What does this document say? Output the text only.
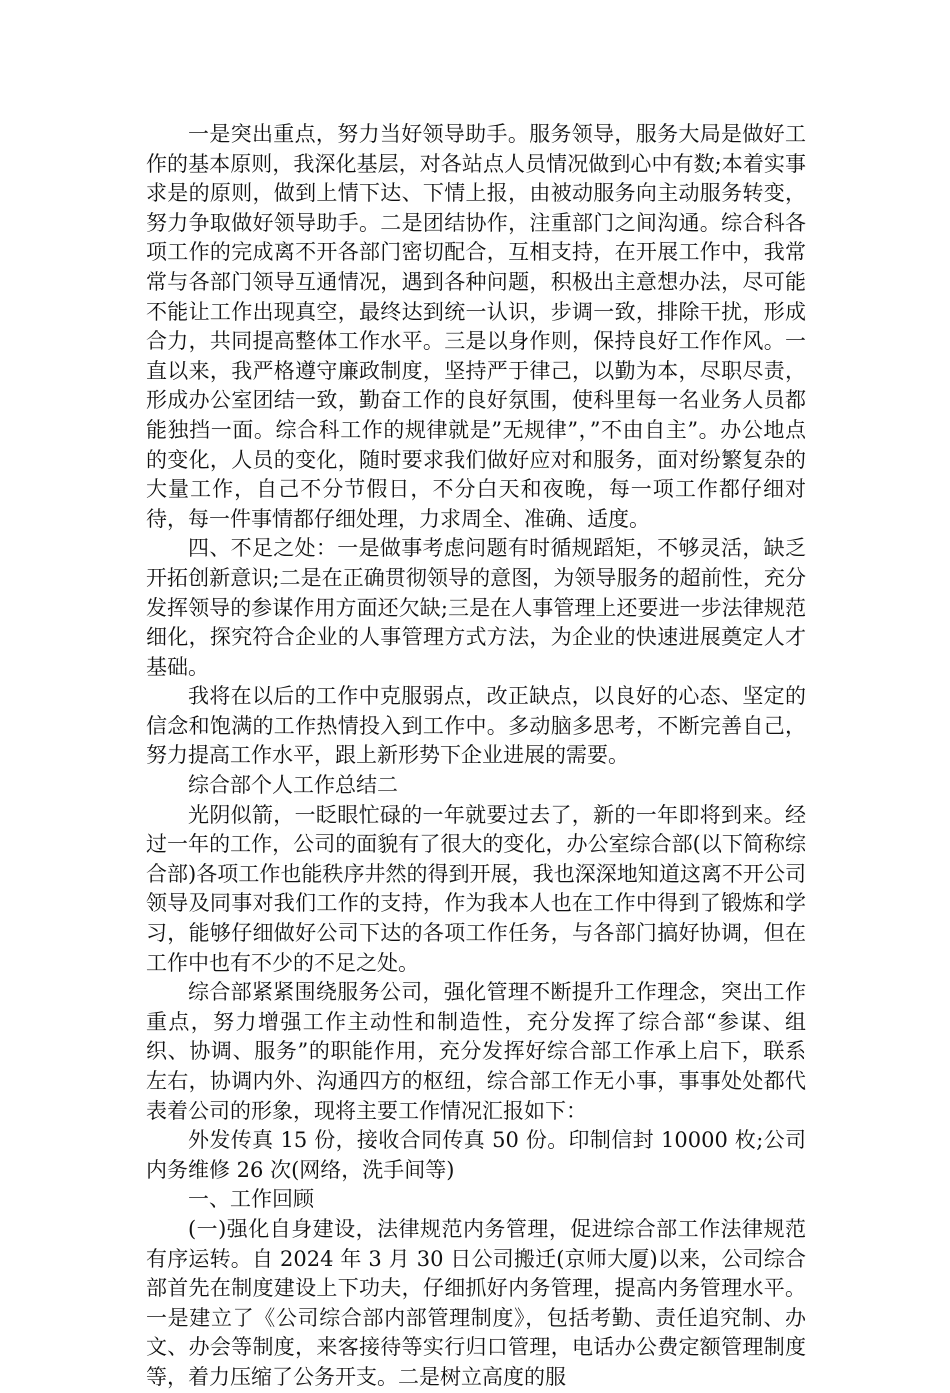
一是突出重点，努力当好领导助手。服务领导，服务大局是做好工作的基本原则，我深化基层，对各站点人员情况做到心中有数;本着实事求是的原则，做到上情下达、下情上报，由被动服务向主动服务转变，努力争取做好领导助手。二是团结协作，注重部门之间沟通。综合科各项工作的完成离不开各部门密切配合，互相支持，在开展工作中，我常常与各部门领导互通情况，遇到各种问题，积极出主意想办法，尽可能不能让工作出现真空，最终达到统一认识，步调一致，排除干扰，形成合力，共同提高整体工作水平。三是以身作则，保持良好工作作风。一直以来，我严格遵守廉政制度，坚持严于律己，以勤为本，尽职尽责，形成办公室团结一致，勤奋工作的良好氛围，使科里每一名业务人员都能独挡一面。综合科工作的规律就是”无规律”，”不由自主”。办公地点的变化，人员的变化，随时要求我们做好应对和服务，面对纷繁复杂的大量工作，自己不分节假日，不分白天和夜晚，每一项工作都仔细对待，每一件事情都仔细处理，力求周全、准确、适度。

四、不足之处：一是做事考虑问题有时循规蹈矩，不够灵活，缺乏开拓创新意识;二是在正确贯彻领导的意图，为领导服务的超前性，充分发挥领导的参谋作用方面还欠缺;三是在人事管理上还要进一步法律规范细化，探究符合企业的人事管理方式方法，为企业的快速进展奠定人才基础。

我将在以后的工作中克服弱点，改正缺点，以良好的心态、坚定的信念和饱满的工作热情投入到工作中。多动脑多思考，不断完善自己，努力提高工作水平，跟上新形势下企业进展的需要。

综合部个人工作总结二

光阴似箭，一眨眼忙碌的一年就要过去了，新的一年即将到来。经过一年的工作，公司的面貌有了很大的变化，办公室综合部(以下简称综合部)各项工作也能秩序井然的得到开展，我也深深地知道这离不开公司领导及同事对我们工作的支持，作为我本人也在工作中得到了锻炼和学习，能够仔细做好公司下达的各项工作任务，与各部门搞好协调，但在工作中也有不少的不足之处。

综合部紧紧围绕服务公司，强化管理不断提升工作理念，突出工作重点，努力增强工作主动性和制造性，充分发挥了综合部“参谋、组织、协调、服务”的职能作用，充分发挥好综合部工作承上启下，联系左右，协调内外、沟通四方的枢纽，综合部工作无小事，事事处处都代表着公司的形象，现将主要工作情况汇报如下：

外发传真 15 份，接收合同传真 50 份。印制信封 10000 枚;公司内务维修 26 次(网络，洗手间等)

一、工作回顾

(一)强化自身建设，法律规范内务管理，促进综合部工作法律规范有序运转。自 2024 年 3 月 30 日公司搬迁(京师大厦)以来，公司综合部首先在制度建设上下功夫，仔细抓好内务管理，提高内务管理水平。一是建立了《公司综合部内部管理制度》，包括考勤、责任追究制、办文、办会等制度，来客接待等实行归口管理，电话办公费定额管理制度等，着力压缩了公务开支。二是树立高度的服
